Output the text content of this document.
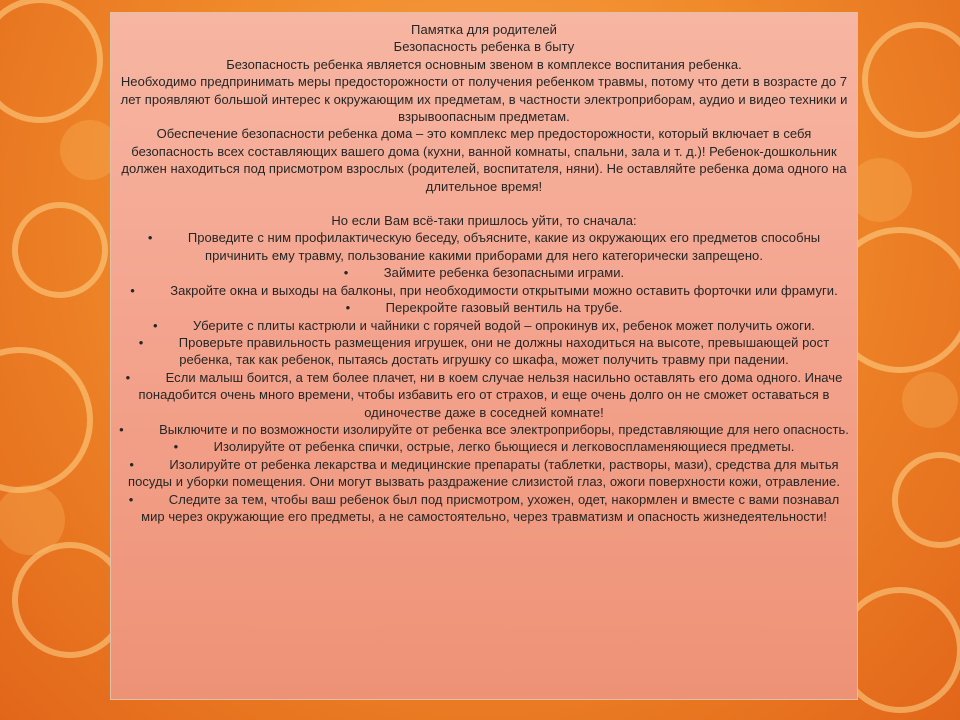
Памятка для родителей

Безопасность ребенка в быту

Безопасность ребенка является основным звеном в комплексе воспитания ребенка.

Необходимо предпринимать меры предосторожности от получения ребенком травмы, потому что дети в возрасте до 7 лет проявляют большой интерес к окружающим их предметам, в частности электроприборам, аудио и видео техники и взрывоопасным предметам.

Обеспечение безопасности ребенка дома – это комплекс мер предосторожности, который включает в себя безопасность всех составляющих вашего дома (кухни, ванной комнаты, спальни, зала и т. д.)! Ребенок-дошкольник должен находиться под присмотром взрослых (родителей, воспитателя, няни). Не оставляйте ребенка дома одного на длительное время!

Но если Вам всё-таки пришлось уйти, то сначала:

•	Проведите с ним профилактическую беседу, объясните, какие из окружающих его предметов способны причинить ему травму, пользование какими приборами для него категорически запрещено.

•	Займите ребенка безопасными играми.

•	Закройте окна и выходы на балконы, при необходимости открытыми можно оставить форточки или фрамуги.

•	Перекройте газовый вентиль на трубе.

•	Уберите с плиты кастрюли и чайники с горячей водой – опрокинув их, ребенок может получить ожоги.

•	Проверьте правильность размещения игрушек, они не должны находиться на высоте, превышающей рост ребенка, так как ребенок, пытаясь достать игрушку со шкафа, может получить травму при падении.

•	Если малыш боится, а тем более плачет, ни в коем случае нельзя насильно оставлять его дома одного. Иначе понадобится очень много времени, чтобы избавить его от страхов, и еще очень долго он не сможет оставаться в одиночестве даже в соседней комнате!

•	Выключите и по возможности изолируйте от ребенка все электроприборы, представляющие для него опасность.

•	Изолируйте от ребенка спички, острые, легко бьющиеся и легковоспламеняющиеся предметы.

•	Изолируйте от ребенка лекарства и медицинские препараты (таблетки, растворы, мази), средства для мытья посуды и уборки помещения. Они могут вызвать раздражение слизистой глаз, ожоги поверхности кожи, отравление.

•	Следите за тем, чтобы ваш ребенок был под присмотром, ухожен, одет, накормлен и вместе с вами познавал мир через окружающие его предметы, а не самостоятельно, через травматизм и опасность жизнедеятельности!
